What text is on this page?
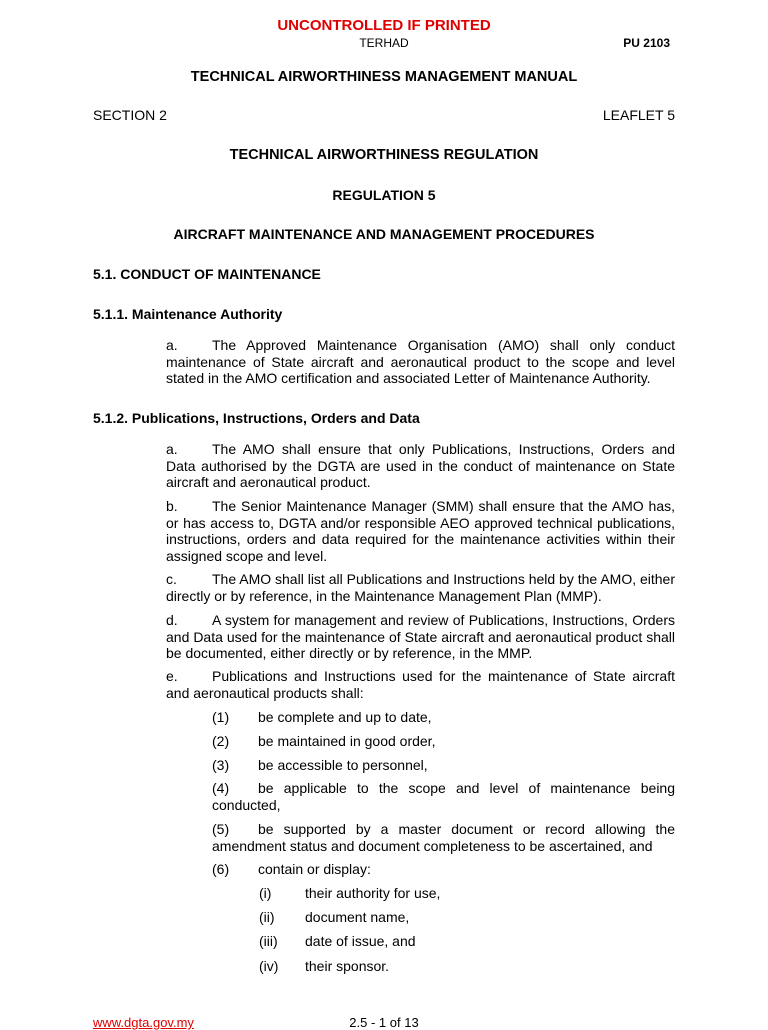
UNCONTROLLED IF PRINTED
TERHAD	PU 2103
TECHNICAL AIRWORTHINESS MANAGEMENT MANUAL
SECTION 2	LEAFLET 5
TECHNICAL AIRWORTHINESS REGULATION
REGULATION 5
AIRCRAFT MAINTENANCE AND MANAGEMENT PROCEDURES
5.1. CONDUCT OF MAINTENANCE
5.1.1. Maintenance Authority
a. The Approved Maintenance Organisation (AMO) shall only conduct maintenance of State aircraft and aeronautical product to the scope and level stated in the AMO certification and associated Letter of Maintenance Authority.
5.1.2. Publications, Instructions, Orders and Data
a. The AMO shall ensure that only Publications, Instructions, Orders and Data authorised by the DGTA are used in the conduct of maintenance on State aircraft and aeronautical product.
b. The Senior Maintenance Manager (SMM) shall ensure that the AMO has, or has access to, DGTA and/or responsible AEO approved technical publications, instructions, orders and data required for the maintenance activities within their assigned scope and level.
c.	The AMO shall list all Publications and Instructions held by the AMO, either directly or by reference, in the Maintenance Management Plan (MMP).
d. A system for management and review of Publications, Instructions, Orders and Data used for the maintenance of State aircraft and aeronautical product shall be documented, either directly or by reference, in the MMP.
e. Publications and Instructions used for the maintenance of State aircraft and aeronautical products shall:
(1) be complete and up to date,
(2) be maintained in good order,
(3) be accessible to personnel,
(4) be applicable to the scope and level of maintenance being conducted,
(5) be supported by a master document or record allowing the amendment status and document completeness to be ascertained, and
(6) contain or display:
(i) their authority for use,
(ii) document name,
(iii) date of issue, and
(iv) their sponsor.
www.dgta.gov.my	2.5 - 1 of 13
